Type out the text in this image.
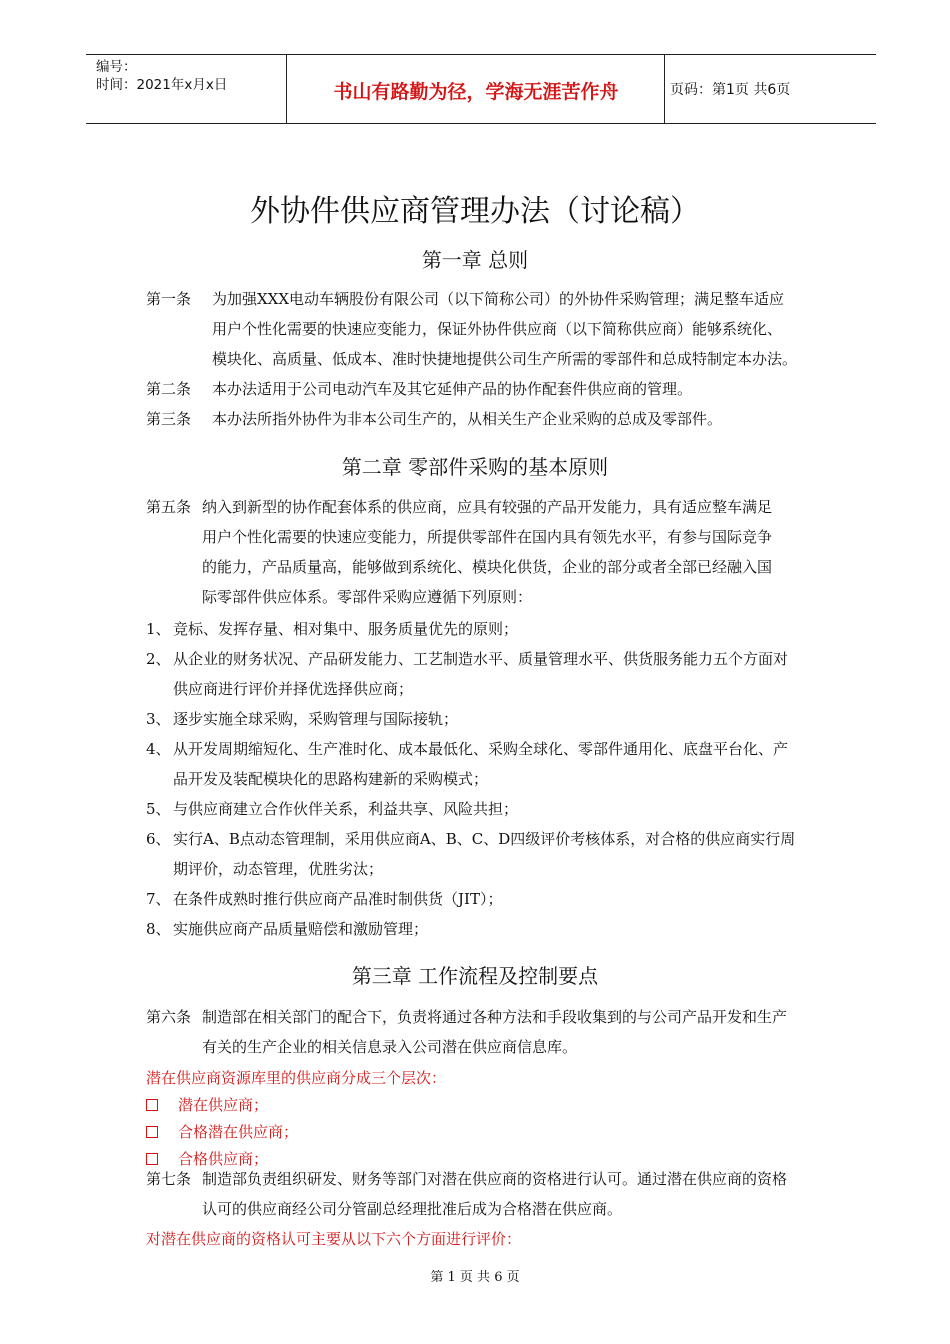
编号：
时间：2021年x月x日	书山有路勤为径，学海无涯苦作舟	页码：第1页 共6页
外协件供应商管理办法（讨论稿）
第一章 总则
第一条 为加强XXX电动车辆股份有限公司（以下简称公司）的外协件采购管理；满足整车适应
用户个性化需要的快速应变能力，保证外协件供应商（以下简称供应商）能够系统化、
模块化、高质量、低成本、准时快捷地提供公司生产所需的零部件和总成特制定本办法。
第二条 本办法适用于公司电动汽车及其它延伸产品的协作配套件供应商的管理。
第三条 本办法所指外协件为非本公司生产的，从相关生产企业采购的总成及零部件。
第二章 零部件采购的基本原则
第五条 纳入到新型的协作配套体系的供应商，应具有较强的产品开发能力，具有适应整车满足
用户个性化需要的快速应变能力，所提供零部件在国内具有领先水平，有参与国际竞争
的能力，产品质量高，能够做到系统化、模块化供货，企业的部分或者全部已经融入国
际零部件供应体系。零部件采购应遵循下列原则：
1、 竞标、发挥存量、相对集中、服务质量优先的原则；
2、 从企业的财务状况、产品研发能力、工艺制造水平、质量管理水平、供货服务能力五个方面对
供应商进行评价并择优选择供应商；
3、 逐步实施全球采购，采购管理与国际接轨；
4、 从开发周期缩短化、生产准时化、成本最低化、采购全球化、零部件通用化、底盘平台化、产
品开发及装配模块化的思路构建新的采购模式；
5、 与供应商建立合作伙伴关系，利益共享、风险共担；
6、 实行A、B点动态管理制，采用供应商A、B、C、D四级评价考核体系，对合格的供应商实行周
期评价，动态管理，优胜劣汰；
7、 在条件成熟时推行供应商产品准时制供货（JIT）；
8、 实施供应商产品质量赔偿和激励管理；
第三章 工作流程及控制要点
第六条 制造部在相关部门的配合下，负责将通过各种方法和手段收集到的与公司产品开发和生产
有关的生产企业的相关信息录入公司潜在供应商信息库。
潜在供应商资源库里的供应商分成三个层次：
潜在供应商；
合格潜在供应商；
合格供应商；
第七条 制造部负责组织研发、财务等部门对潜在供应商的资格进行认可。通过潜在供应商的资格
认可的供应商经公司分管副总经理批准后成为合格潜在供应商。
对潜在供应商的资格认可主要从以下六个方面进行评价：
第 1 页 共 6 页
